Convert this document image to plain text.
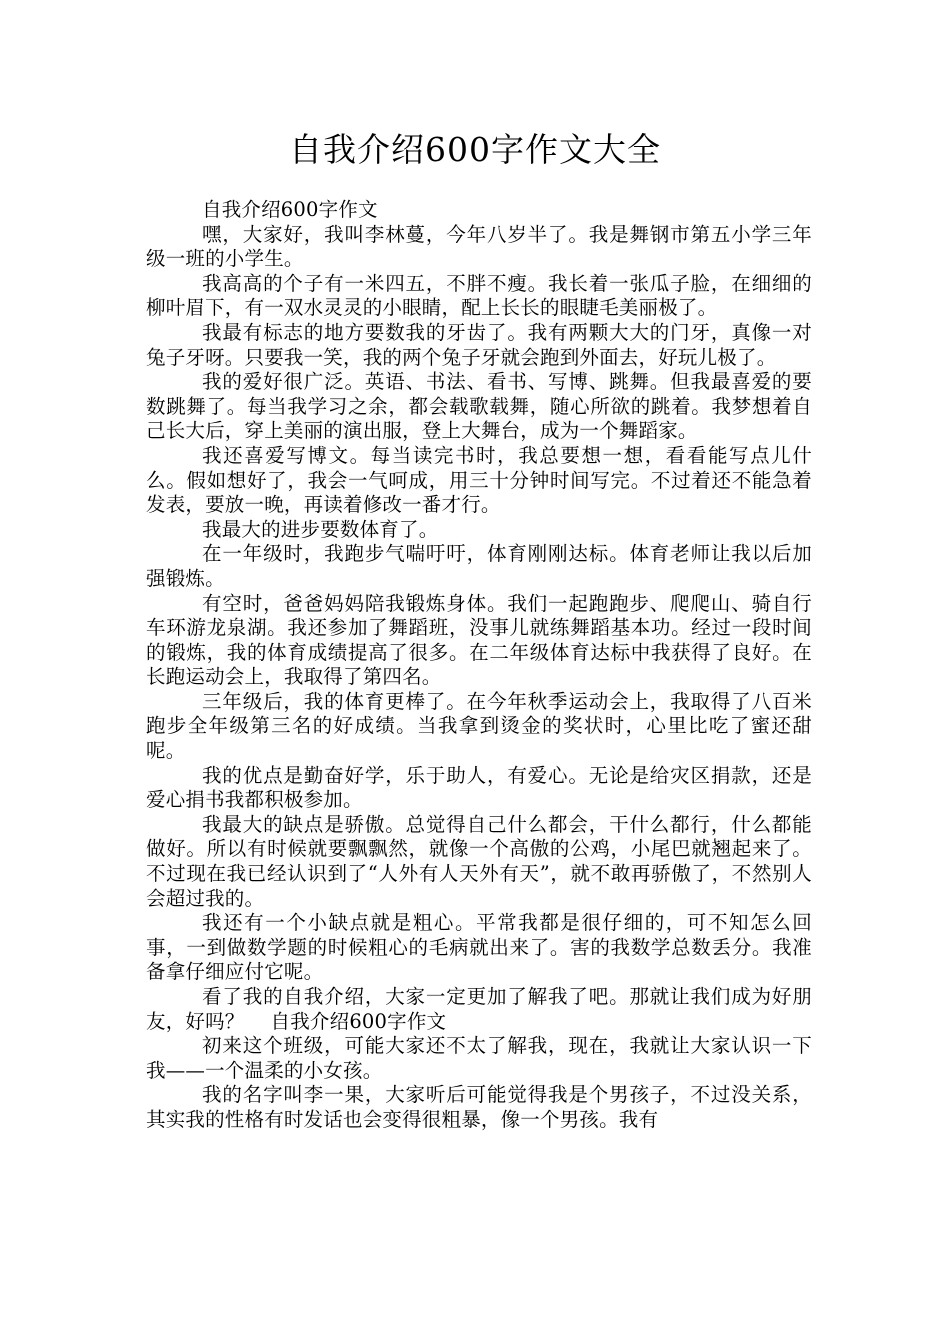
自我介绍600字作文大全

自我介绍600字作文

嘿，大家好，我叫李林蔓，今年八岁半了。我是舞钢市第五小学三年级一班的小学生。

我高高的个子有一米四五，不胖不瘦。我长着一张瓜子脸，在细细的柳叶眉下，有一双水灵灵的小眼睛，配上长长的眼睫毛美丽极了。

我最有标志的地方要数我的牙齿了。我有两颗大大的门牙，真像一对兔子牙呀。只要我一笑，我的两个兔子牙就会跑到外面去，好玩儿极了。

我的爱好很广泛。英语、书法、看书、写博、跳舞。但我最喜爱的要数跳舞了。每当我学习之余，都会载歌载舞，随心所欲的跳着。我梦想着自己长大后，穿上美丽的演出服，登上大舞台，成为一个舞蹈家。

我还喜爱写博文。每当读完书时，我总要想一想，看看能写点儿什么。假如想好了，我会一气呵成，用三十分钟时间写完。不过着还不能急着发表，要放一晚，再读着修改一番才行。

我最大的进步要数体育了。

在一年级时，我跑步气喘吁吁，体育刚刚达标。体育老师让我以后加强锻炼。

有空时，爸爸妈妈陪我锻炼身体。我们一起跑跑步、爬爬山、骑自行车环游龙泉湖。我还参加了舞蹈班，没事儿就练舞蹈基本功。经过一段时间的锻炼，我的体育成绩提高了很多。在二年级体育达标中我获得了良好。在长跑运动会上，我取得了第四名。

三年级后，我的体育更棒了。在今年秋季运动会上，我取得了八百米跑步全年级第三名的好成绩。当我拿到烫金的奖状时，心里比吃了蜜还甜呢。

我的优点是勤奋好学，乐于助人，有爱心。无论是给灾区捐款，还是爱心捐书我都积极参加。

我最大的缺点是骄傲。总觉得自己什么都会，干什么都行，什么都能做好。所以有时候就要飘飘然，就像一个高傲的公鸡，小尾巴就翘起来了。不过现在我已经认识到了“人外有人天外有天”，就不敢再骄傲了，不然别人会超过我的。

我还有一个小缺点就是粗心。平常我都是很仔细的，可不知怎么回事，一到做数学题的时候粗心的毛病就出来了。害的我数学总数丢分。我准备拿仔细应付它呢。

看了我的自我介绍，大家一定更加了解我了吧。那就让我们成为好朋友，好吗？ 自我介绍600字作文

初来这个班级，可能大家还不太了解我，现在，我就让大家认识一下我——一个温柔的小女孩。

我的名字叫李一果，大家听后可能觉得我是个男孩子，不过没关系，其实我的性格有时发话也会变得很粗暴，像一个男孩。我有
